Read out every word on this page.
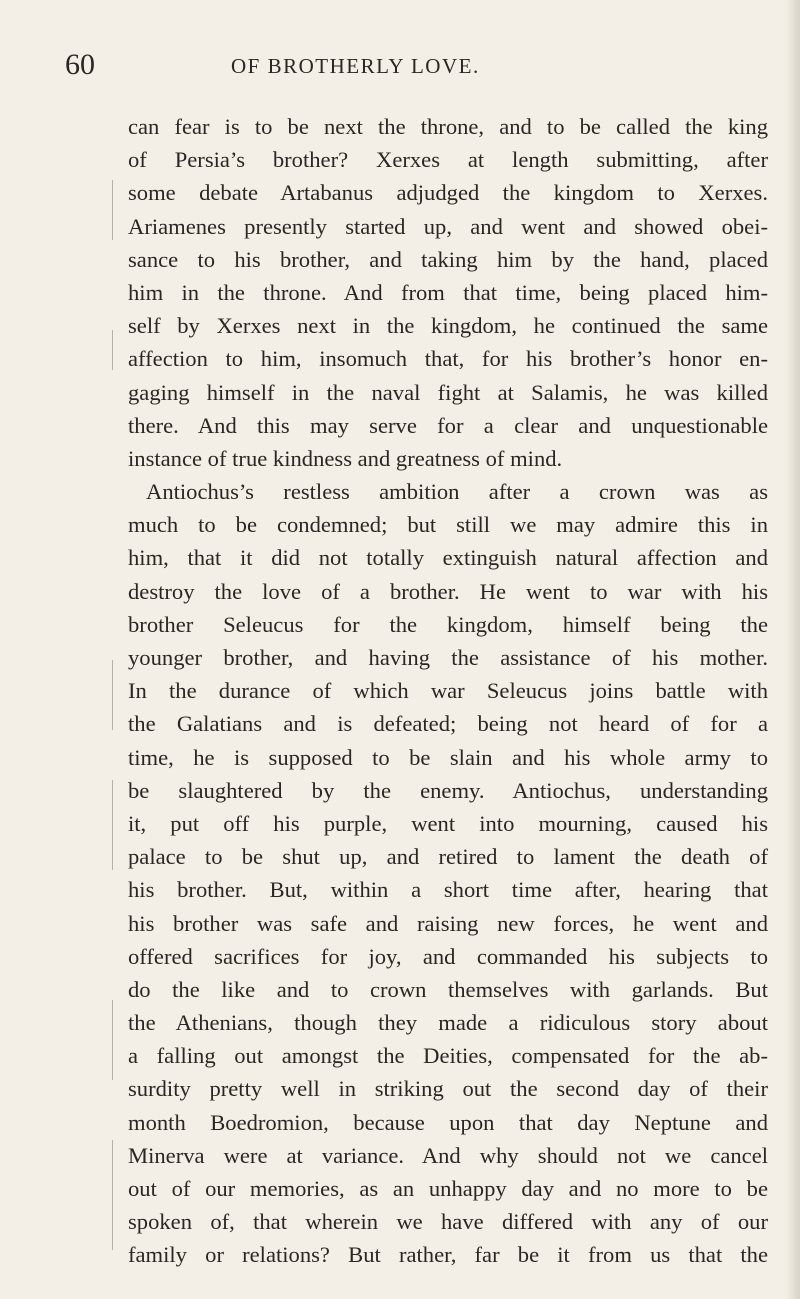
60	OF BROTHERLY LOVE.
can fear is to be next the throne, and to be called the king
of Persia’s brother? Xerxes at length submitting, after
some debate Artabanus adjudged the kingdom to Xerxes.
Ariamenes presently started up, and went and showed obei-
sance to his brother, and taking him by the hand, placed
him in the throne. And from that time, being placed him-
self by Xerxes next in the kingdom, he continued the same
affection to him, insomuch that, for his brother’s honor en-
gaging himself in the naval fight at Salamis, he was killed
there. And this may serve for a clear and unquestionable
instance of true kindness and greatness of mind.
Antiochus’s restless ambition after a crown was as
much to be condemned; but still we may admire this in
him, that it did not totally extinguish natural affection and
destroy the love of a brother. He went to war with his
brother Seleucus for the kingdom, himself being the
younger brother, and having the assistance of his mother.
In the durance of which war Seleucus joins battle with
the Galatians and is defeated; being not heard of for a
time, he is supposed to be slain and his whole army to
be slaughtered by the enemy. Antiochus, understanding
it, put off his purple, went into mourning, caused his
palace to be shut up, and retired to lament the death of
his brother. But, within a short time after, hearing that
his brother was safe and raising new forces, he went and
offered sacrifices for joy, and commanded his subjects to
do the like and to crown themselves with garlands. But
the Athenians, though they made a ridiculous story about
a falling out amongst the Deities, compensated for the ab-
surdity pretty well in striking out the second day of their
month Boedromion, because upon that day Neptune and
Minerva were at variance. And why should not we cancel
out of our memories, as an unhappy day and no more to be
spoken of, that wherein we have differed with any of our
family or relations? But rather, far be it from us that the
